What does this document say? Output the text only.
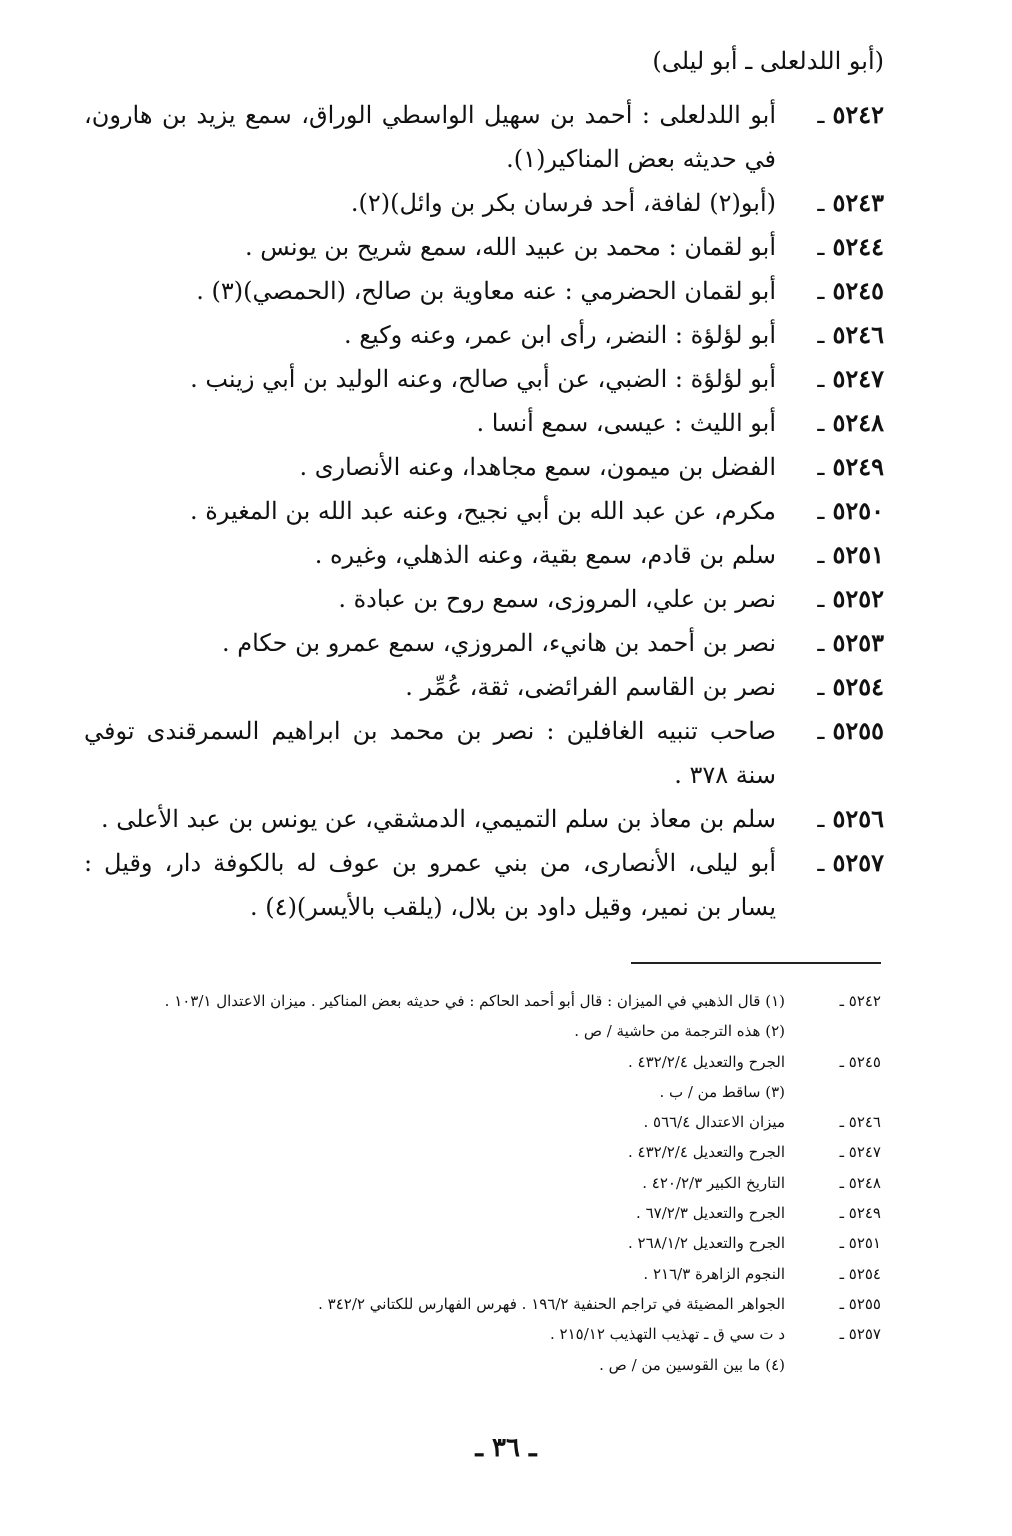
(أبو اللدلعلى ـ أبو ليلى)
٥٢٤٢ـ
أبو اللدلعلى : أحمد بن سهيل الواسطي الوراق، سمع يزيد بن هارون، في حديثه بعض المناكير(١).
٥٢٤٣ـ
(أبو(٢) لفافة، أحد فرسان بكر بن وائل)(٢).
٥٢٤٤ـ
أبو لقمان : محمد بن عبيد الله، سمع شريح بن يونس .
٥٢٤٥ـ
أبو لقمان الحضرمي : عنه معاوية بن صالح، (الحمصي)(٣) .
٥٢٤٦ـ
أبو لؤلؤة : النضر، رأى ابن عمر، وعنه وكيع .
٥٢٤٧ـ
أبو لؤلؤة : الضبي، عن أبي صالح، وعنه الوليد بن أبي زينب .
٥٢٤٨ـ
أبو الليث : عيسى، سمع أنسا .
٥٢٤٩ـ
الفضل بن ميمون، سمع مجاهدا، وعنه الأنصارى .
٥٢٥٠ـ
مكرم، عن عبد الله بن أبي نجيح، وعنه عبد الله بن المغيرة .
٥٢٥١ـ
سلم بن قادم، سمع بقية، وعنه الذهلي، وغيره .
٥٢٥٢ـ
نصر بن علي، المروزى، سمع روح بن عبادة .
٥٢٥٣ـ
نصر بن أحمد بن هانيء، المروزي، سمع عمرو بن حكام .
٥٢٥٤ـ
نصر بن القاسم الفرائضى، ثقة، عُمِّر .
٥٢٥٥ـ
صاحب تنبيه الغافلين : نصر بن محمد بن ابراهيم السمرقندى توفي سنة ٣٧٨ .
٥٢٥٦ـ
سلم بن معاذ بن سلم التميمي، الدمشقي، عن يونس بن عبد الأعلى .
٥٢٥٧ـ
أبو ليلى، الأنصارى، من بني عمرو بن عوف له بالكوفة دار، وقيل : يسار بن نمير، وقيل داود بن بلال، (يلقب بالأيسر)(٤) .
٥٢٤٢ ـ
(١) قال الذهبي في الميزان : قال أبو أحمد الحاكم : في حديثه بعض المناكير . ميزان الاعتدال ١٠٣/١ .
(٢) هذه الترجمة من حاشية / ص .
٥٢٤٥ ـ
الجرح والتعديل ٤٣٢/٢/٤ .
(٣) ساقط من / ب .
٥٢٤٦ ـ
ميزان الاعتدال ٥٦٦/٤ .
٥٢٤٧ ـ
الجرح والتعديل ٤٣٢/٢/٤ .
٥٢٤٨ ـ
التاريخ الكبير ٤٢٠/٢/٣ .
٥٢٤٩ ـ
الجرح والتعديل ٦٧/٢/٣ .
٥٢٥١ ـ
الجرح والتعديل ٢٦٨/١/٢ .
٥٢٥٤ ـ
النجوم الزاهرة ٢١٦/٣ .
٥٢٥٥ ـ
الجواهر المضيئة في تراجم الحنفية ١٩٦/٢ . فهرس الفهارس للكتاني ٣٤٢/٢ .
٥٢٥٧ ـ
د ت سي ق ـ تهذيب التهذيب ٢١٥/١٢ .
(٤) ما بين القوسين من / ص .
ـ ٣٦ ـ
